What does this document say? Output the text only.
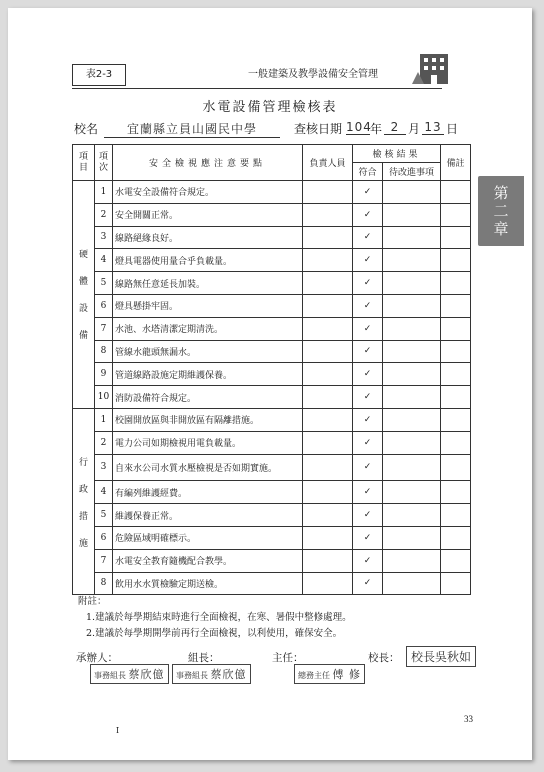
表2-3	一般建築及教學設備安全管理
第二章
水電設備管理檢核表
校名	宜蘭縣立員山國民中學	查核日期 104
年 2 月 13 日
項目	項次	安全檢視應注意要點	負責人員	檢核結果		備註
				符合	待改進事項	

硬
體
設
備	1	水電安全設備符合規定。		✓		
	2	安全開關正常。		✓		
	3	線路絕緣良好。		✓		
	4	燈具電器使用量合乎負載量。		✓		
	5	線路無任意延長加裝。		✓		
	6	燈具懸掛牢固。		✓		
	7	水池、水塔清潔定期清洗。		✓		
	8	管線水龍頭無漏水。		✓		
	9	管道線路設施定期維護保養。		✓		
	10	消防設備符合規定。		✓		

行
政
措
施	1	校園開放區與非開放區有隔離措施。		✓		
	2	電力公司如期檢視用電負載量。		✓		
	3	自來水公司水質水壓檢視是否如期實施。		✓		
	4	有編列維護經費。		✓		
	5	維護保養正常。		✓		
	6	危險區域明確標示。		✓		
	7	水電安全教育隨機配合教學。		✓		
	8	飲用水水質檢驗定期送檢。		✓		
附註：
1.建議於每學期結束時進行全面檢視，在寒、暑假中整修處理。
2.建議於每學期開學前再行全面檢視，以利使用，確保安全。
承辦人：
事務組長 蔡欣億
組長：
事務組長 蔡欣億
主任：
總務主任 傅 修
校長： 校長吳秋如
33
I
